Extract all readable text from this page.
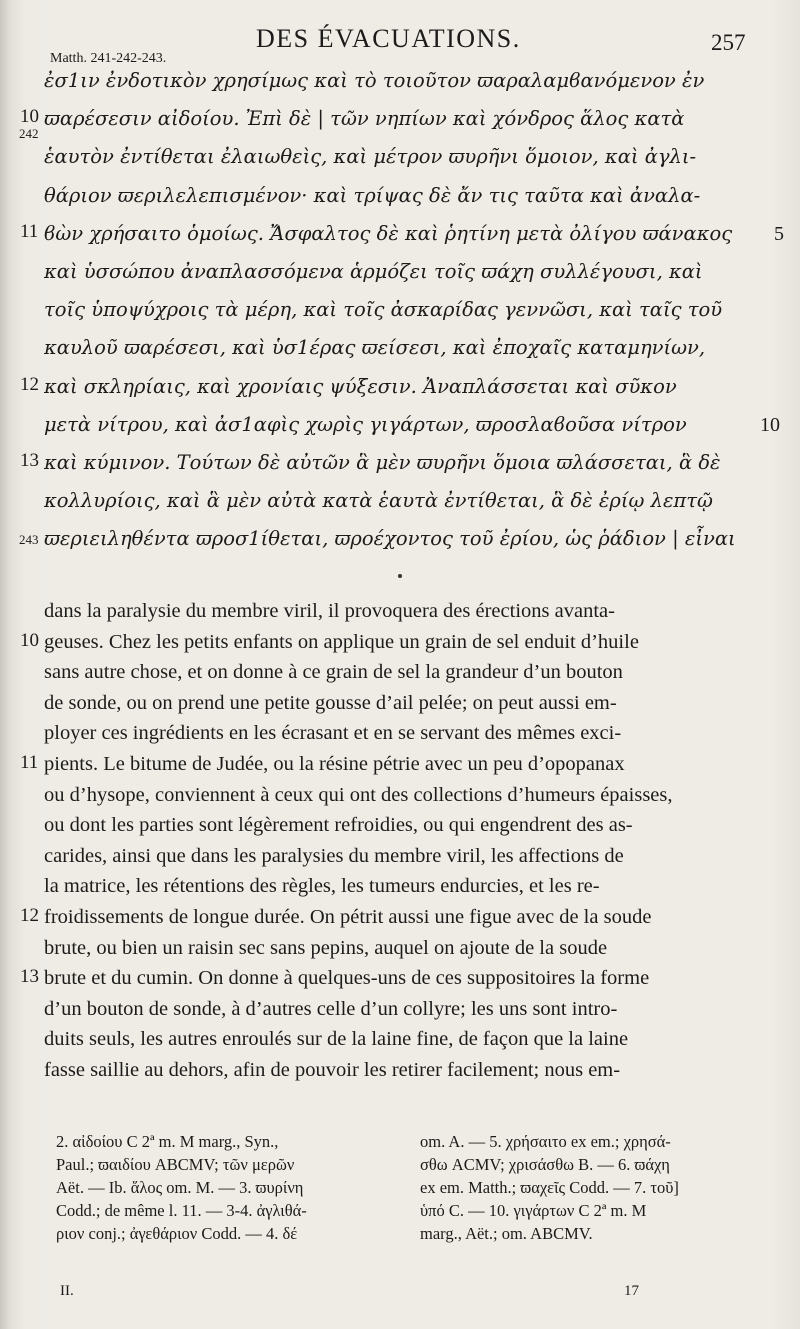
DES ÉVACUATIONS.	257
Matth. 241-242-243.
ἐσ1ιν ἐνδοτικὸν χρησίμως καὶ τὸ τοιοῦτον ϖαραλαμϐανόμενον ἐν
ϖαρέσεσιν αἰδοίου. Ἐπὶ δὲ | τῶν νηπίων καὶ χόνδρος ἅλος κατὰ
10
242
ἑαυτὸν ἐντίθεται ἐλαιωθεὶς, καὶ μέτρον ϖυρῆνι ὅμοιον, καὶ ἀγλι-
θάριον ϖεριλελεπισμένον· καὶ τρίψας δὲ ἄν τις ταῦτα καὶ ἀναλα-
ϐὼν χρήσαιτο ὁμοίως. Ἄσφαλτος δὲ καὶ ῥητίνη μετὰ ὀλίγου ϖάνακος
11	5
καὶ ὑσσώπου ἀναπλασσόμενα ἁρμόζει τοῖς ϖάχη συλλέγουσι, καὶ
τοῖς ὑποψύχροις τὰ μέρη, καὶ τοῖς ἀσκαρίδας γεννῶσι, καὶ ταῖς τοῦ
καυλοῦ ϖαρέσεσι, καὶ ὑσ1έρας ϖείσεσι, καὶ ἐποχαῖς καταμηνίων,
καὶ σκληρίαις, καὶ χρονίαις ψύξεσιν. Ἀναπλάσσεται καὶ σῦκον
12
μετὰ νίτρου, καὶ ἀσ1αφὶς χωρὶς γιγάρτων, ϖροσλαϐοῦσα νίτρον	10
καὶ κύμινον. Τούτων δὲ αὐτῶν ἃ μὲν ϖυρῆνι ὅμοια ϖλάσσεται, ἃ δὲ
13
κολλυρίοις, καὶ ἃ μὲν αὐτὰ κατὰ ἑαυτὰ ἐντίθεται, ἃ δὲ ἐρίῳ λεπτῷ
ϖεριειληθέντα ϖροσ1ίθεται, ϖροέχοντος τοῦ ἐρίου, ὡς ῥάδιον | εἶναι
243
dans la paralysie du membre viril, il provoquera des érections avanta-
geuses. Chez les petits enfants on applique un grain de sel enduit d’huile
10
sans autre chose, et on donne à ce grain de sel la grandeur d’un bouton
de sonde, ou on prend une petite gousse d’ail pelée; on peut aussi em-
ployer ces ingrédients en les écrasant et en se servant des mêmes exci-
pients. Le bitume de Judée, ou la résine pétrie avec un peu d’opopanax
11
ou d’hysope, conviennent à ceux qui ont des collections d’humeurs épaisses,
ou dont les parties sont légèrement refroidies, ou qui engendrent des as-
carides, ainsi que dans les paralysies du membre viril, les affections de
la matrice, les rétentions des règles, les tumeurs endurcies, et les re-
froidissements de longue durée. On pétrit aussi une figue avec de la soude
12
brute, ou bien un raisin sec sans pepins, auquel on ajoute de la soude
brute et du cumin. On donne à quelques-uns de ces suppositoires la forme
13
d’un bouton de sonde, à d’autres celle d’un collyre; les uns sont intro-
duits seuls, les autres enroulés sur de la laine fine, de façon que la laine
fasse saillie au dehors, afin de pouvoir les retirer facilement; nous em-
2. αἰδοίου C 2ª m. M marg., Syn.,
Paul.; ϖαιδίου ABCMV; τῶν μερῶν
Aët. — Ib. ἅλος om. M. — 3. ϖυρίνη
Codd.; de même l. 11. — 3-4. ἀγλιθά-
ριον conj.; ἀγεθάριον Codd. — 4. δέ
om. A. — 5. χρήσαιτο ex em.; χρησά-
σθω ACMV; χρισάσθω B. — 6. ϖάχη
ex em. Matth.; ϖαχεῖς Codd. — 7. τοῦ]
ὑπό C. — 10. γιγάρτων C 2ª m. M
marg., Aët.; om. ABCMV.
II.	17
